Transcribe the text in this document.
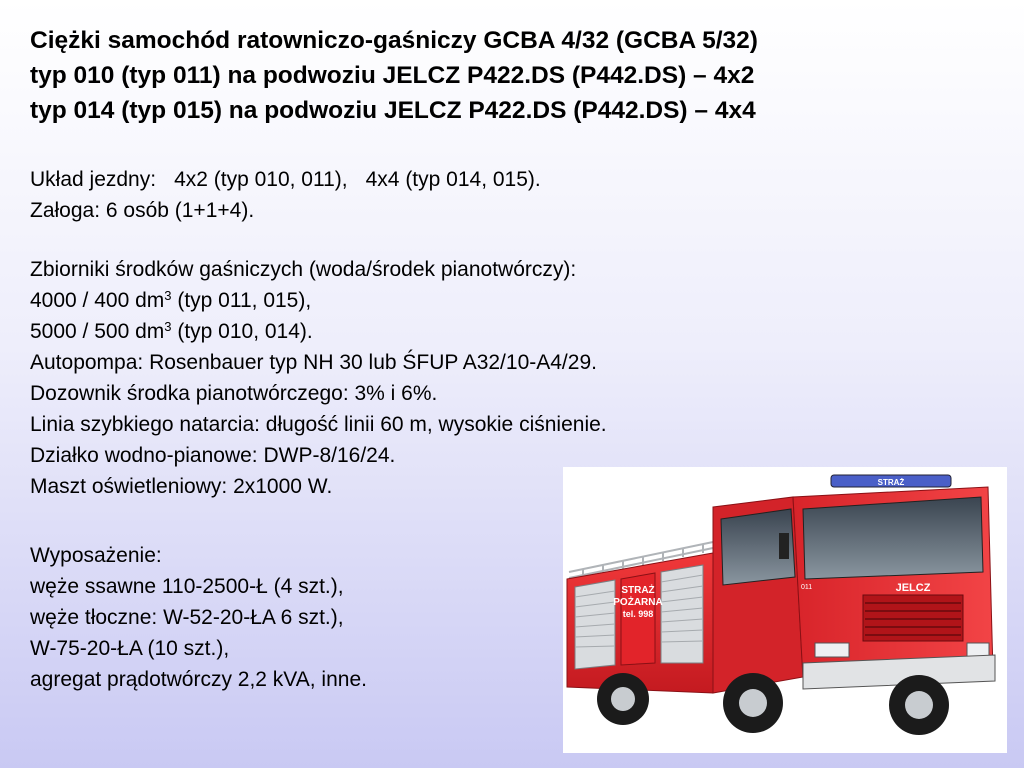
Ciężki samochód ratowniczo-gaśniczy GCBA 4/32 (GCBA 5/32)
typ 010 (typ 011) na podwoziu JELCZ P422.DS (P442.DS) – 4x2
typ 014 (typ 015) na podwoziu JELCZ P422.DS (P442.DS) – 4x4
Układ jezdny: 4x2 (typ 010, 011), 4x4 (typ 014, 015).
Załoga: 6 osób (1+1+4).
Zbiorniki środków gaśniczych (woda/środek pianotwórczy):
4000 / 400 $dm^3$ (typ 011, 015),
5000 / 500 $dm^3$ (typ 010, 014).
Autopompa: Rosenbauer typ NH 30 lub ŚFUP A32/10-A4/29.
Dozownik środka pianotwórczego: 3% i 6%.
Linia szybkiego natarcia: długość linii 60 m, wysokie ciśnienie.
Działko wodno-pianowe: DWP-8/16/24.
Maszt oświetleniowy: 2x1000 W.
Wyposażenie:
węże ssawne 110-2500-Ł (4 szt.),
węże tłoczne: W-52-20-ŁA 6 szt.),
W-75-20-ŁA (10 szt.),
agregat prądotwórczy 2,2 kVA, inne.
STRAŻ
POŻARNA
tel. 998
STRAŻ
JELCZ
011
